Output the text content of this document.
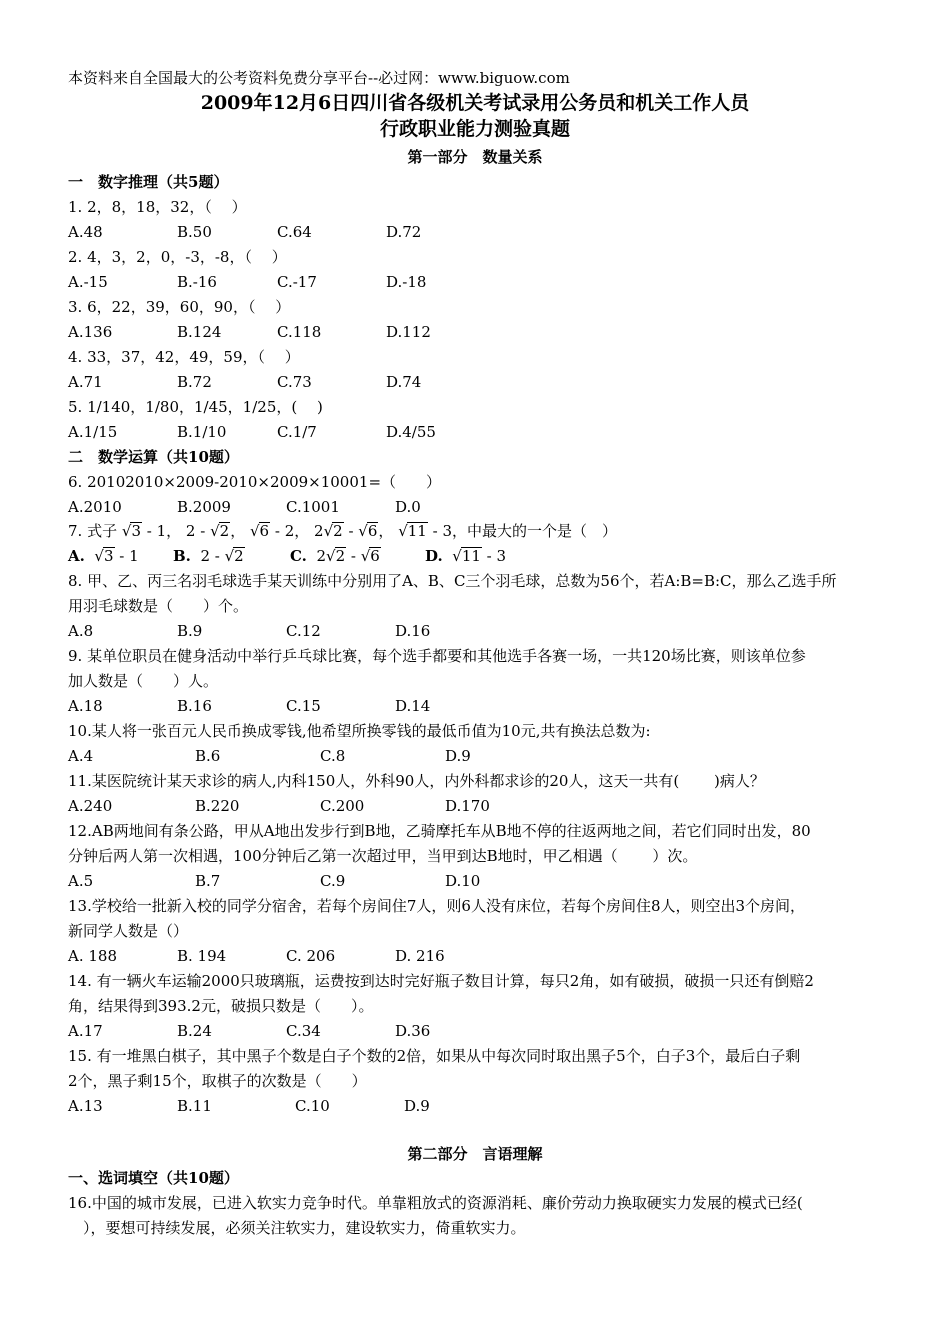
本资料来自全国最大的公考资料免费分享平台--必过网：www.biguow.com
2009年12月6日四川省各级机关考试录用公务员和机关工作人员
行政职业能力测验真题
第一部分　数量关系
一　数字推理（共5题）
1. 2，8，18，32，（　 ）
A.48	B.50	C.64	D.72
2. 4，3，2，0，-3，-8，（　 ）
A.-15	B.-16	C.-17	D.-18
3. 6，22，39，60，90，（　 ）
A.136	B.124	C.118	D.112
4. 33，37，42，49，59，（　 ）
A.71	B.72	C.73	D.74
5. 1/140，1/80，1/45，1/25，(　 )
A.1/15	B.1/10	C.1/7	D.4/55
二　数学运算（共10题）
6. 20102010×2009-2010×2009×10001=（　　）
A.2010	B.2009	C.1001	D.0
7. 式子 √3 - 1， 2 - √2， √6 - 2， 2√2 - √6， √11 - 3，中最大的一个是（　）
A. √3 - 1 B. 2 - √2	C. 2√2 - √6	D. √11 - 3
8. 甲、乙、丙三名羽毛球选手某天训练中分别用了A、B、C三个羽毛球，总数为56个，若A:B=B:C，那么乙选手所
用羽毛球数是（　　）个。
A.8	B.9	C.12	D.16
9. 某单位职员在健身活动中举行乒乓球比赛，每个选手都要和其他选手各赛一场，一共120场比赛，则该单位参
加人数是（　　）人。
A.18	B.16	C.15	D.14
10.某人将一张百元人民币换成零钱,他希望所换零钱的最低币值为10元,共有换法总数为:
A.4	B.6	C.8	D.9
11.某医院统计某天求诊的病人,内科150人，外科90人，内外科都求诊的20人，这天一共有(　　 )病人？
A.240	B.220	C.200	D.170
12.AB两地间有条公路，甲从A地出发步行到B地，乙骑摩托车从B地不停的往返两地之间，若它们同时出发，80
分钟后两人第一次相遇，100分钟后乙第一次超过甲，当甲到达B地时，甲乙相遇（　　 ）次。
A.5	B.7	C.9	D.10
13.学校给一批新入校的同学分宿舍，若每个房间住7人，则6人没有床位，若每个房间住8人，则空出3个房间，
新同学人数是（）
A. 188	B. 194	C. 206	D. 216
14. 有一辆火车运输2000只玻璃瓶，运费按到达时完好瓶子数目计算，每只2角，如有破损，破损一只还有倒赔2
角，结果得到393.2元，破损只数是（　　）。
A.17	B.24	C.34	D.36
15. 有一堆黑白棋子，其中黑子个数是白子个数的2倍，如果从中每次同时取出黑子5个，白子3个，最后白子剩
2个，黑子剩15个，取棋子的次数是（　　）
A.13	B.11	C.10	D.9
第二部分　言语理解
一、选词填空（共10题）
16.中国的城市发展，已进入软实力竞争时代。单靠粗放式的资源消耗、廉价劳动力换取硬实力发展的模式已经(
　），要想可持续发展，必须关注软实力，建设软实力，倚重软实力。
